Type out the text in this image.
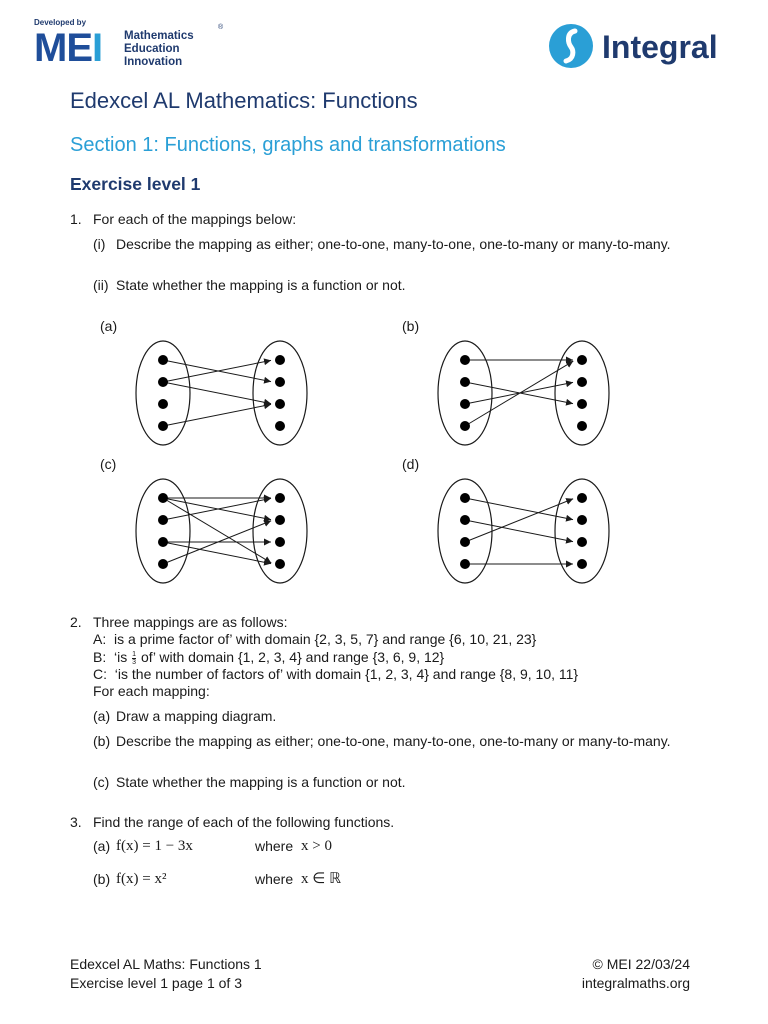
Developed by
MEI Mathematics
Education
Innovation
®
Integral
Edexcel AL Mathematics: Functions
Section 1: Functions, graphs and transformations
Exercise level 1
1. For each of the mappings below:
(i) Describe the mapping as either; one-to-one, many-to-one, one-to-many or many-to-many.
(ii) State whether the mapping is a function or not.
(a)	(b)
(c)	(d)
2. Three mappings are as follows:
A: is a prime factor of’ with domain {2, 3, 5, 7} and range {6, 10, 21, 23}
B: ‘is $\frac{1}{3}$ of’ with domain {1, 2, 3, 4} and range {3, 6, 9, 12}
C: ‘is the number of factors of’ with domain {1, 2, 3, 4} and range {8, 9, 10, 11}
For each mapping:
(a) Draw a mapping diagram.
(b) Describe the mapping as either; one-to-one, many-to-one, one-to-many or many-to-many.
(c) State whether the mapping is a function or not.
3. Find the range of each of the following functions.
(a) f(x) = 1 − 3x	where x > 0
(b) f(x) = x²	where x ∈ ℝ
Edexcel AL Maths: Functions 1
Exercise level 1 page 1 of 3
© MEI 22/03/24
integralmaths.org
